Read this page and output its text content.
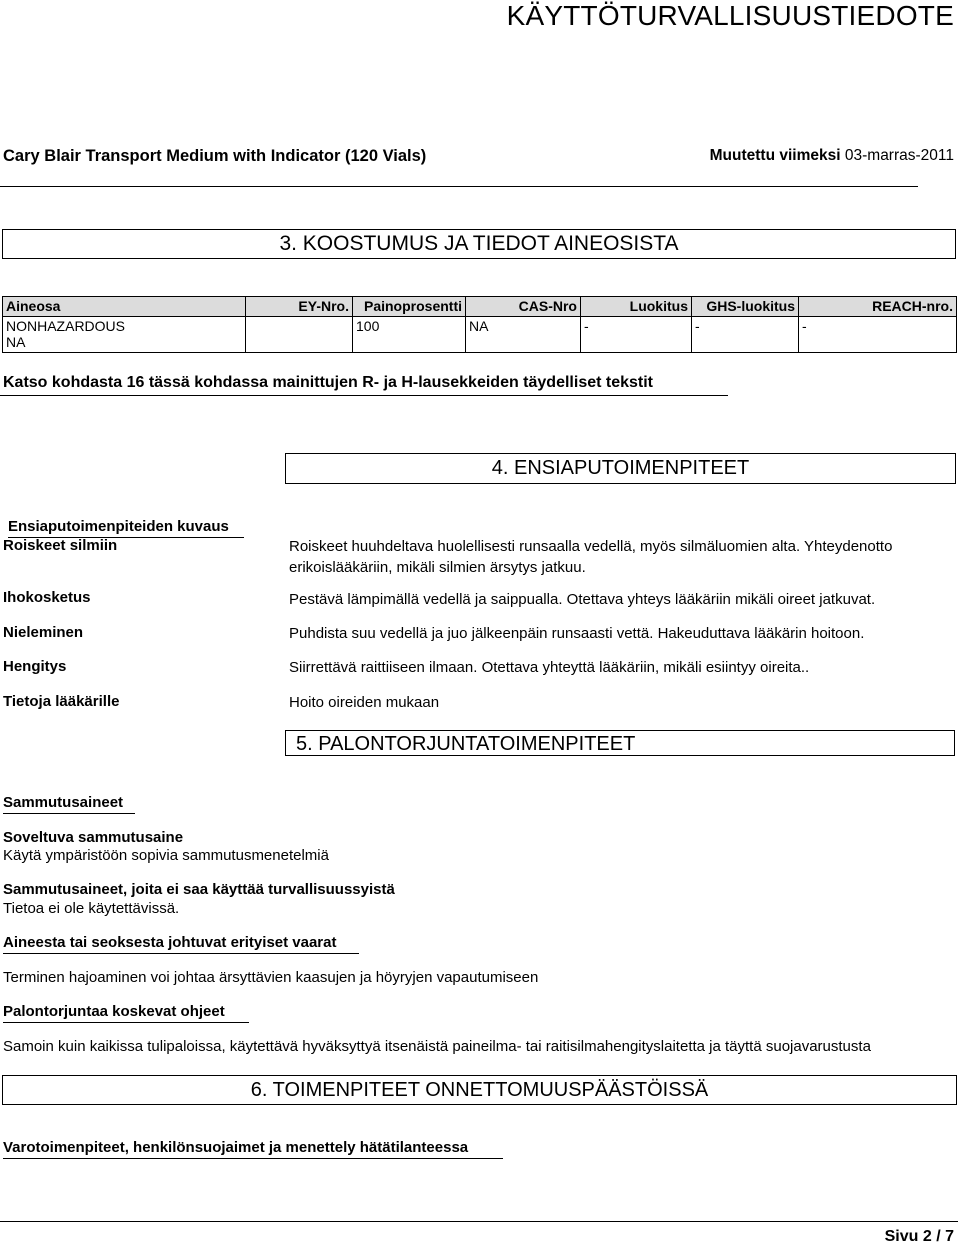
KÄYTTÖTURVALLISUUSTIEDOTE
Cary Blair Transport Medium with Indicator (120 Vials)	Muutettu viimeksi 03-marras-2011
3. KOOSTUMUS JA TIEDOT AINEOSISTA
Aineosa	EY-Nro.	Painoprosentti	CAS-Nro	Luokitus	GHS-luokitus	REACH-nro.

NONHAZARDOUS
NA		100	NA	-	-	-
Katso kohdasta 16 tässä kohdassa mainittujen R- ja H-lausekkeiden täydelliset tekstit
4. ENSIAPUTOIMENPITEET
Ensiaputoimenpiteiden kuvaus
Roiskeet silmiin	Roiskeet huuhdeltava huolellisesti runsaalla vedellä, myös silmäluomien alta. Yhteydenotto
erikoislääkäriin, mikäli silmien ärsytys jatkuu.
Ihokosketus	Pestävä lämpimällä vedellä ja saippualla. Otettava yhteys lääkäriin mikäli oireet jatkuvat.
Nieleminen	Puhdista suu vedellä ja juo jälkeenpäin runsaasti vettä. Hakeuduttava lääkärin hoitoon.
Hengitys	Siirrettävä raittiiseen ilmaan. Otettava yhteyttä lääkäriin, mikäli esiintyy oireita..
Tietoja lääkärille	Hoito oireiden mukaan
5. PALONTORJUNTATOIMENPITEET
Sammutusaineet
Soveltuva sammutusaine
Käytä ympäristöön sopivia sammutusmenetelmiä
Sammutusaineet, joita ei saa käyttää turvallisuussyistä
Tietoa ei ole käytettävissä.
Aineesta tai seoksesta johtuvat erityiset vaarat
Terminen hajoaminen voi johtaa ärsyttävien kaasujen ja höyryjen vapautumiseen
Palontorjuntaa koskevat ohjeet
Samoin kuin kaikissa tulipaloissa, käytettävä hyväksyttyä itsenäistä paineilma- tai raitisilmahengityslaitetta ja täyttä suojavarustusta
6. TOIMENPITEET ONNETTOMUUSPÄÄSTÖISSÄ
Varotoimenpiteet, henkilönsuojaimet ja menettely hätätilanteessa
Sivu 2 / 7
